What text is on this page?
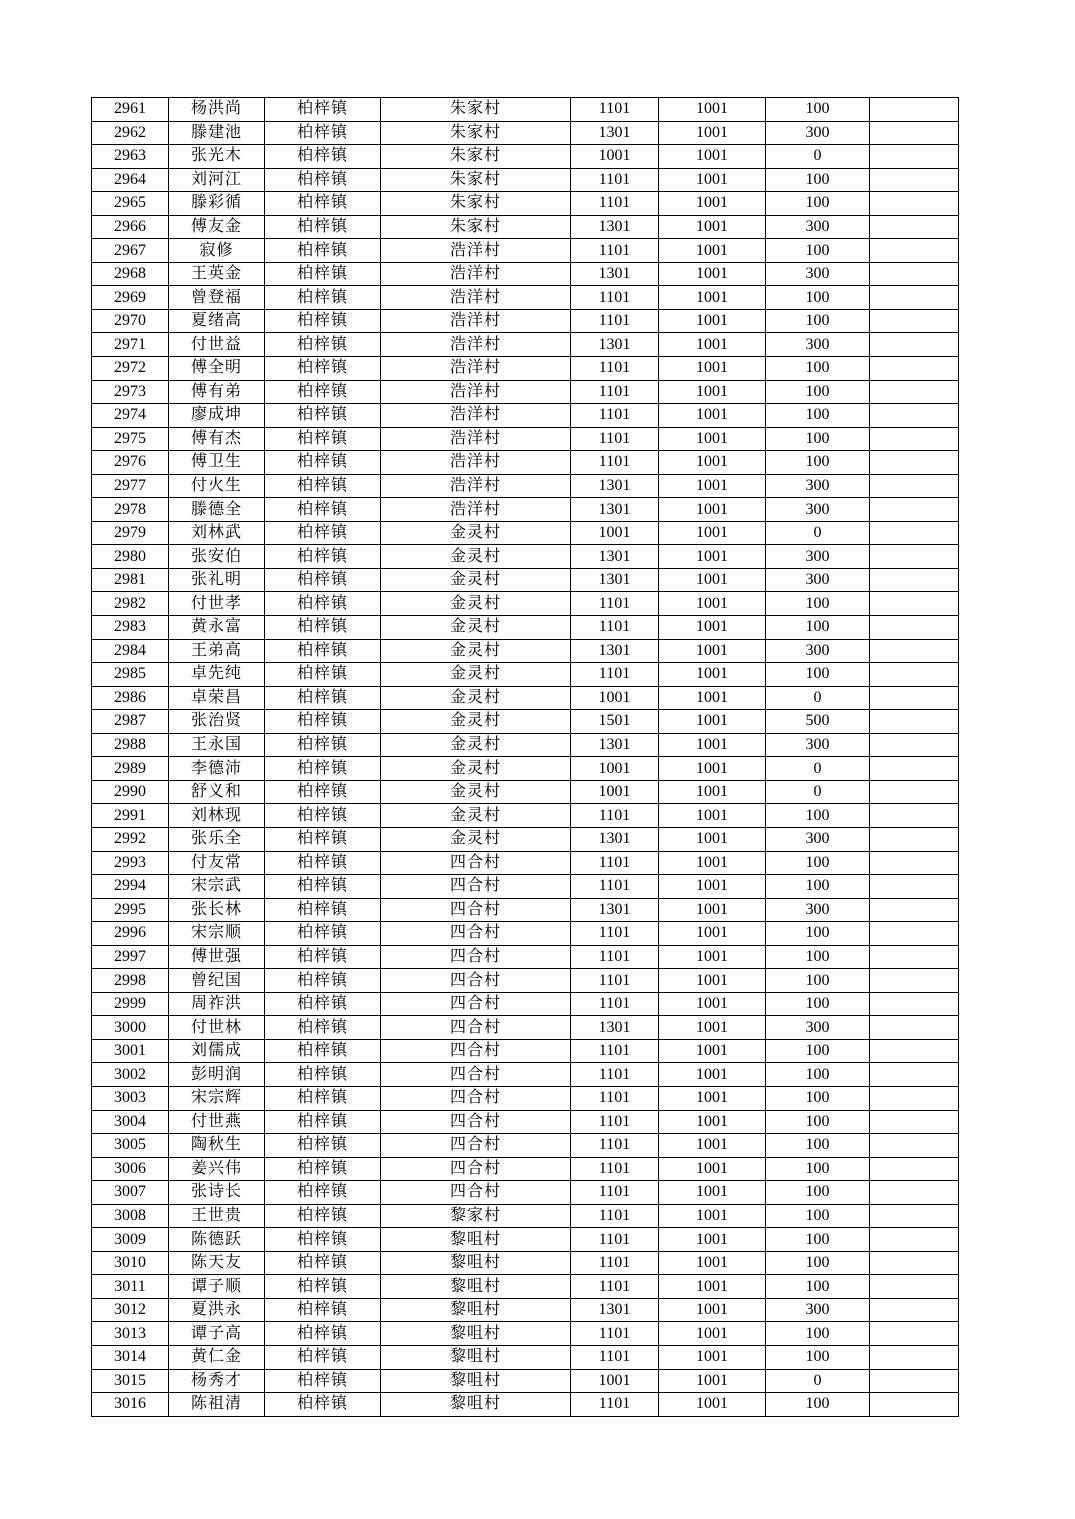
2961	杨洪尚	柏梓镇	朱家村	1101	1001	100	
2962	滕建池	柏梓镇	朱家村	1301	1001	300	
2963	张光木	柏梓镇	朱家村	1001	1001	0	
2964	刘河江	柏梓镇	朱家村	1101	1001	100	
2965	滕彩循	柏梓镇	朱家村	1101	1001	100	
2966	傅友金	柏梓镇	朱家村	1301	1001	300	
2967	寂修	柏梓镇	浩洋村	1101	1001	100	
2968	王英金	柏梓镇	浩洋村	1301	1001	300	
2969	曾登福	柏梓镇	浩洋村	1101	1001	100	
2970	夏绪高	柏梓镇	浩洋村	1101	1001	100	
2971	付世益	柏梓镇	浩洋村	1301	1001	300	
2972	傅全明	柏梓镇	浩洋村	1101	1001	100	
2973	傅有弟	柏梓镇	浩洋村	1101	1001	100	
2974	廖成坤	柏梓镇	浩洋村	1101	1001	100	
2975	傅有杰	柏梓镇	浩洋村	1101	1001	100	
2976	傅卫生	柏梓镇	浩洋村	1101	1001	100	
2977	付火生	柏梓镇	浩洋村	1301	1001	300	
2978	滕德全	柏梓镇	浩洋村	1301	1001	300	
2979	刘林武	柏梓镇	金灵村	1001	1001	0	
2980	张安伯	柏梓镇	金灵村	1301	1001	300	
2981	张礼明	柏梓镇	金灵村	1301	1001	300	
2982	付世孝	柏梓镇	金灵村	1101	1001	100	
2983	黄永富	柏梓镇	金灵村	1101	1001	100	
2984	王弟高	柏梓镇	金灵村	1301	1001	300	
2985	卓先纯	柏梓镇	金灵村	1101	1001	100	
2986	卓荣昌	柏梓镇	金灵村	1001	1001	0	
2987	张治贤	柏梓镇	金灵村	1501	1001	500	
2988	王永国	柏梓镇	金灵村	1301	1001	300	
2989	李德沛	柏梓镇	金灵村	1001	1001	0	
2990	舒义和	柏梓镇	金灵村	1001	1001	0	
2991	刘林现	柏梓镇	金灵村	1101	1001	100	
2992	张乐全	柏梓镇	金灵村	1301	1001	300	
2993	付友常	柏梓镇	四合村	1101	1001	100	
2994	宋宗武	柏梓镇	四合村	1101	1001	100	
2995	张长林	柏梓镇	四合村	1301	1001	300	
2996	宋宗顺	柏梓镇	四合村	1101	1001	100	
2997	傅世强	柏梓镇	四合村	1101	1001	100	
2998	曾纪国	柏梓镇	四合村	1101	1001	100	
2999	周祚洪	柏梓镇	四合村	1101	1001	100	
3000	付世林	柏梓镇	四合村	1301	1001	300	
3001	刘儒成	柏梓镇	四合村	1101	1001	100	
3002	彭明润	柏梓镇	四合村	1101	1001	100	
3003	宋宗辉	柏梓镇	四合村	1101	1001	100	
3004	付世燕	柏梓镇	四合村	1101	1001	100	
3005	陶秋生	柏梓镇	四合村	1101	1001	100	
3006	姜兴伟	柏梓镇	四合村	1101	1001	100	
3007	张诗长	柏梓镇	四合村	1101	1001	100	
3008	王世贵	柏梓镇	黎家村	1101	1001	100	
3009	陈德跃	柏梓镇	黎咀村	1101	1001	100	
3010	陈天友	柏梓镇	黎咀村	1101	1001	100	
3011	谭子顺	柏梓镇	黎咀村	1101	1001	100	
3012	夏洪永	柏梓镇	黎咀村	1301	1001	300	
3013	谭子高	柏梓镇	黎咀村	1101	1001	100	
3014	黄仁金	柏梓镇	黎咀村	1101	1001	100	
3015	杨秀才	柏梓镇	黎咀村	1001	1001	0	
3016	陈祖清	柏梓镇	黎咀村	1101	1001	100	
